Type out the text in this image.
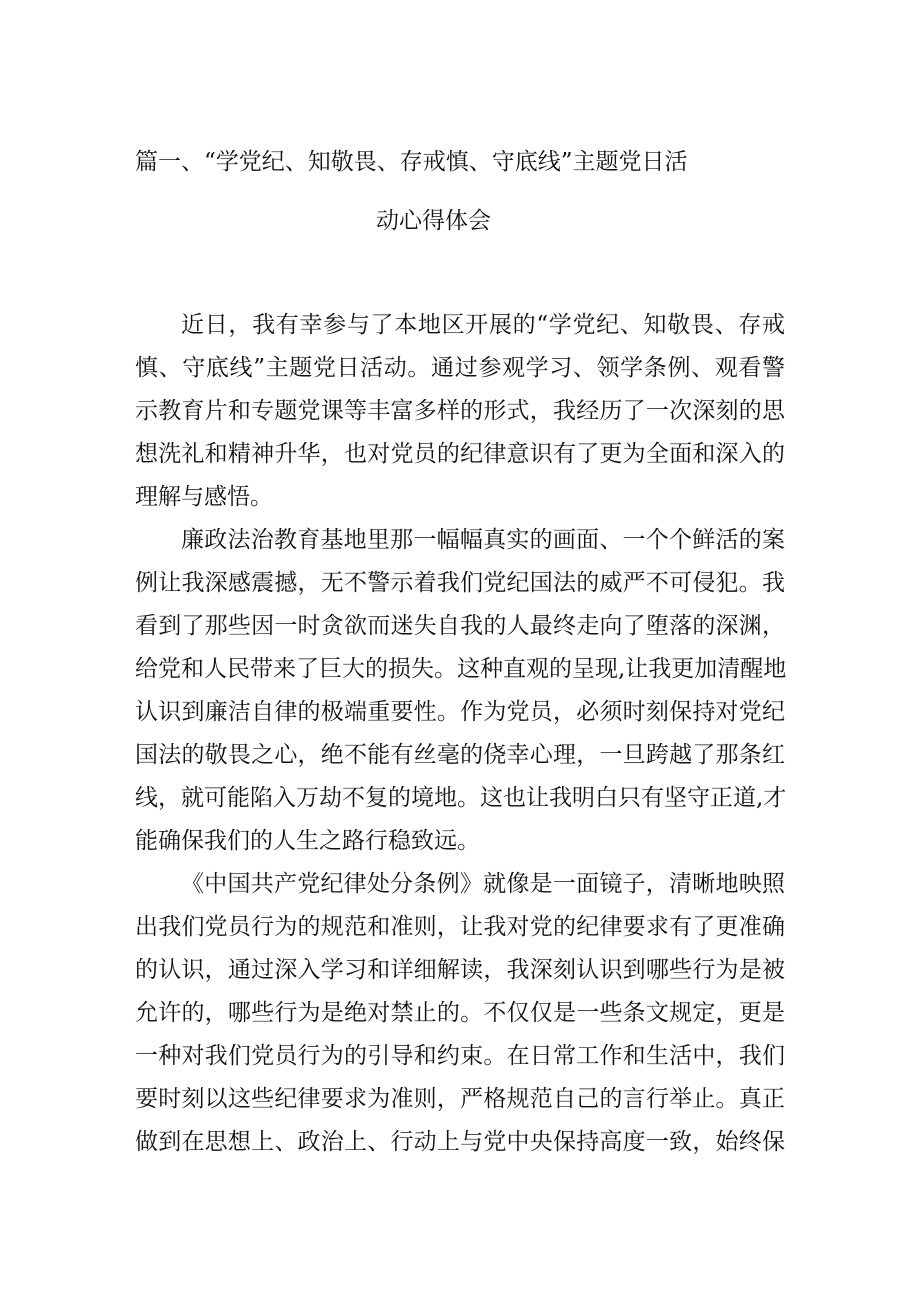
篇一、“学党纪、知敬畏、存戒慎、守底线”主题党日活
动心得体会
近日，我有幸参与了本地区开展的“学党纪、知敬畏、存戒
慎、守底线”主题党日活动。通过参观学习、领学条例、观看警
示教育片和专题党课等丰富多样的形式，我经历了一次深刻的思
想洗礼和精神升华，也对党员的纪律意识有了更为全面和深入的
理解与感悟。
廉政法治教育基地里那一幅幅真实的画面、一个个鲜活的案
例让我深感震撼，无不警示着我们党纪国法的威严不可侵犯。我
看到了那些因一时贪欲而迷失自我的人最终走向了堕落的深渊，
给党和人民带来了巨大的损失。这种直观的呈现,让我更加清醒地
认识到廉洁自律的极端重要性。作为党员，必须时刻保持对党纪
国法的敬畏之心，绝不能有丝毫的侥幸心理，一旦跨越了那条红
线，就可能陷入万劫不复的境地。这也让我明白只有坚守正道,才
能确保我们的人生之路行稳致远。
《中国共产党纪律处分条例》就像是一面镜子，清晰地映照
出我们党员行为的规范和准则，让我对党的纪律要求有了更准确
的认识，通过深入学习和详细解读，我深刻认识到哪些行为是被
允许的，哪些行为是绝对禁止的。不仅仅是一些条文规定，更是
一种对我们党员行为的引导和约束。在日常工作和生活中，我们
要时刻以这些纪律要求为准则，严格规范自己的言行举止。真正
做到在思想上、政治上、行动上与党中央保持高度一致，始终保
